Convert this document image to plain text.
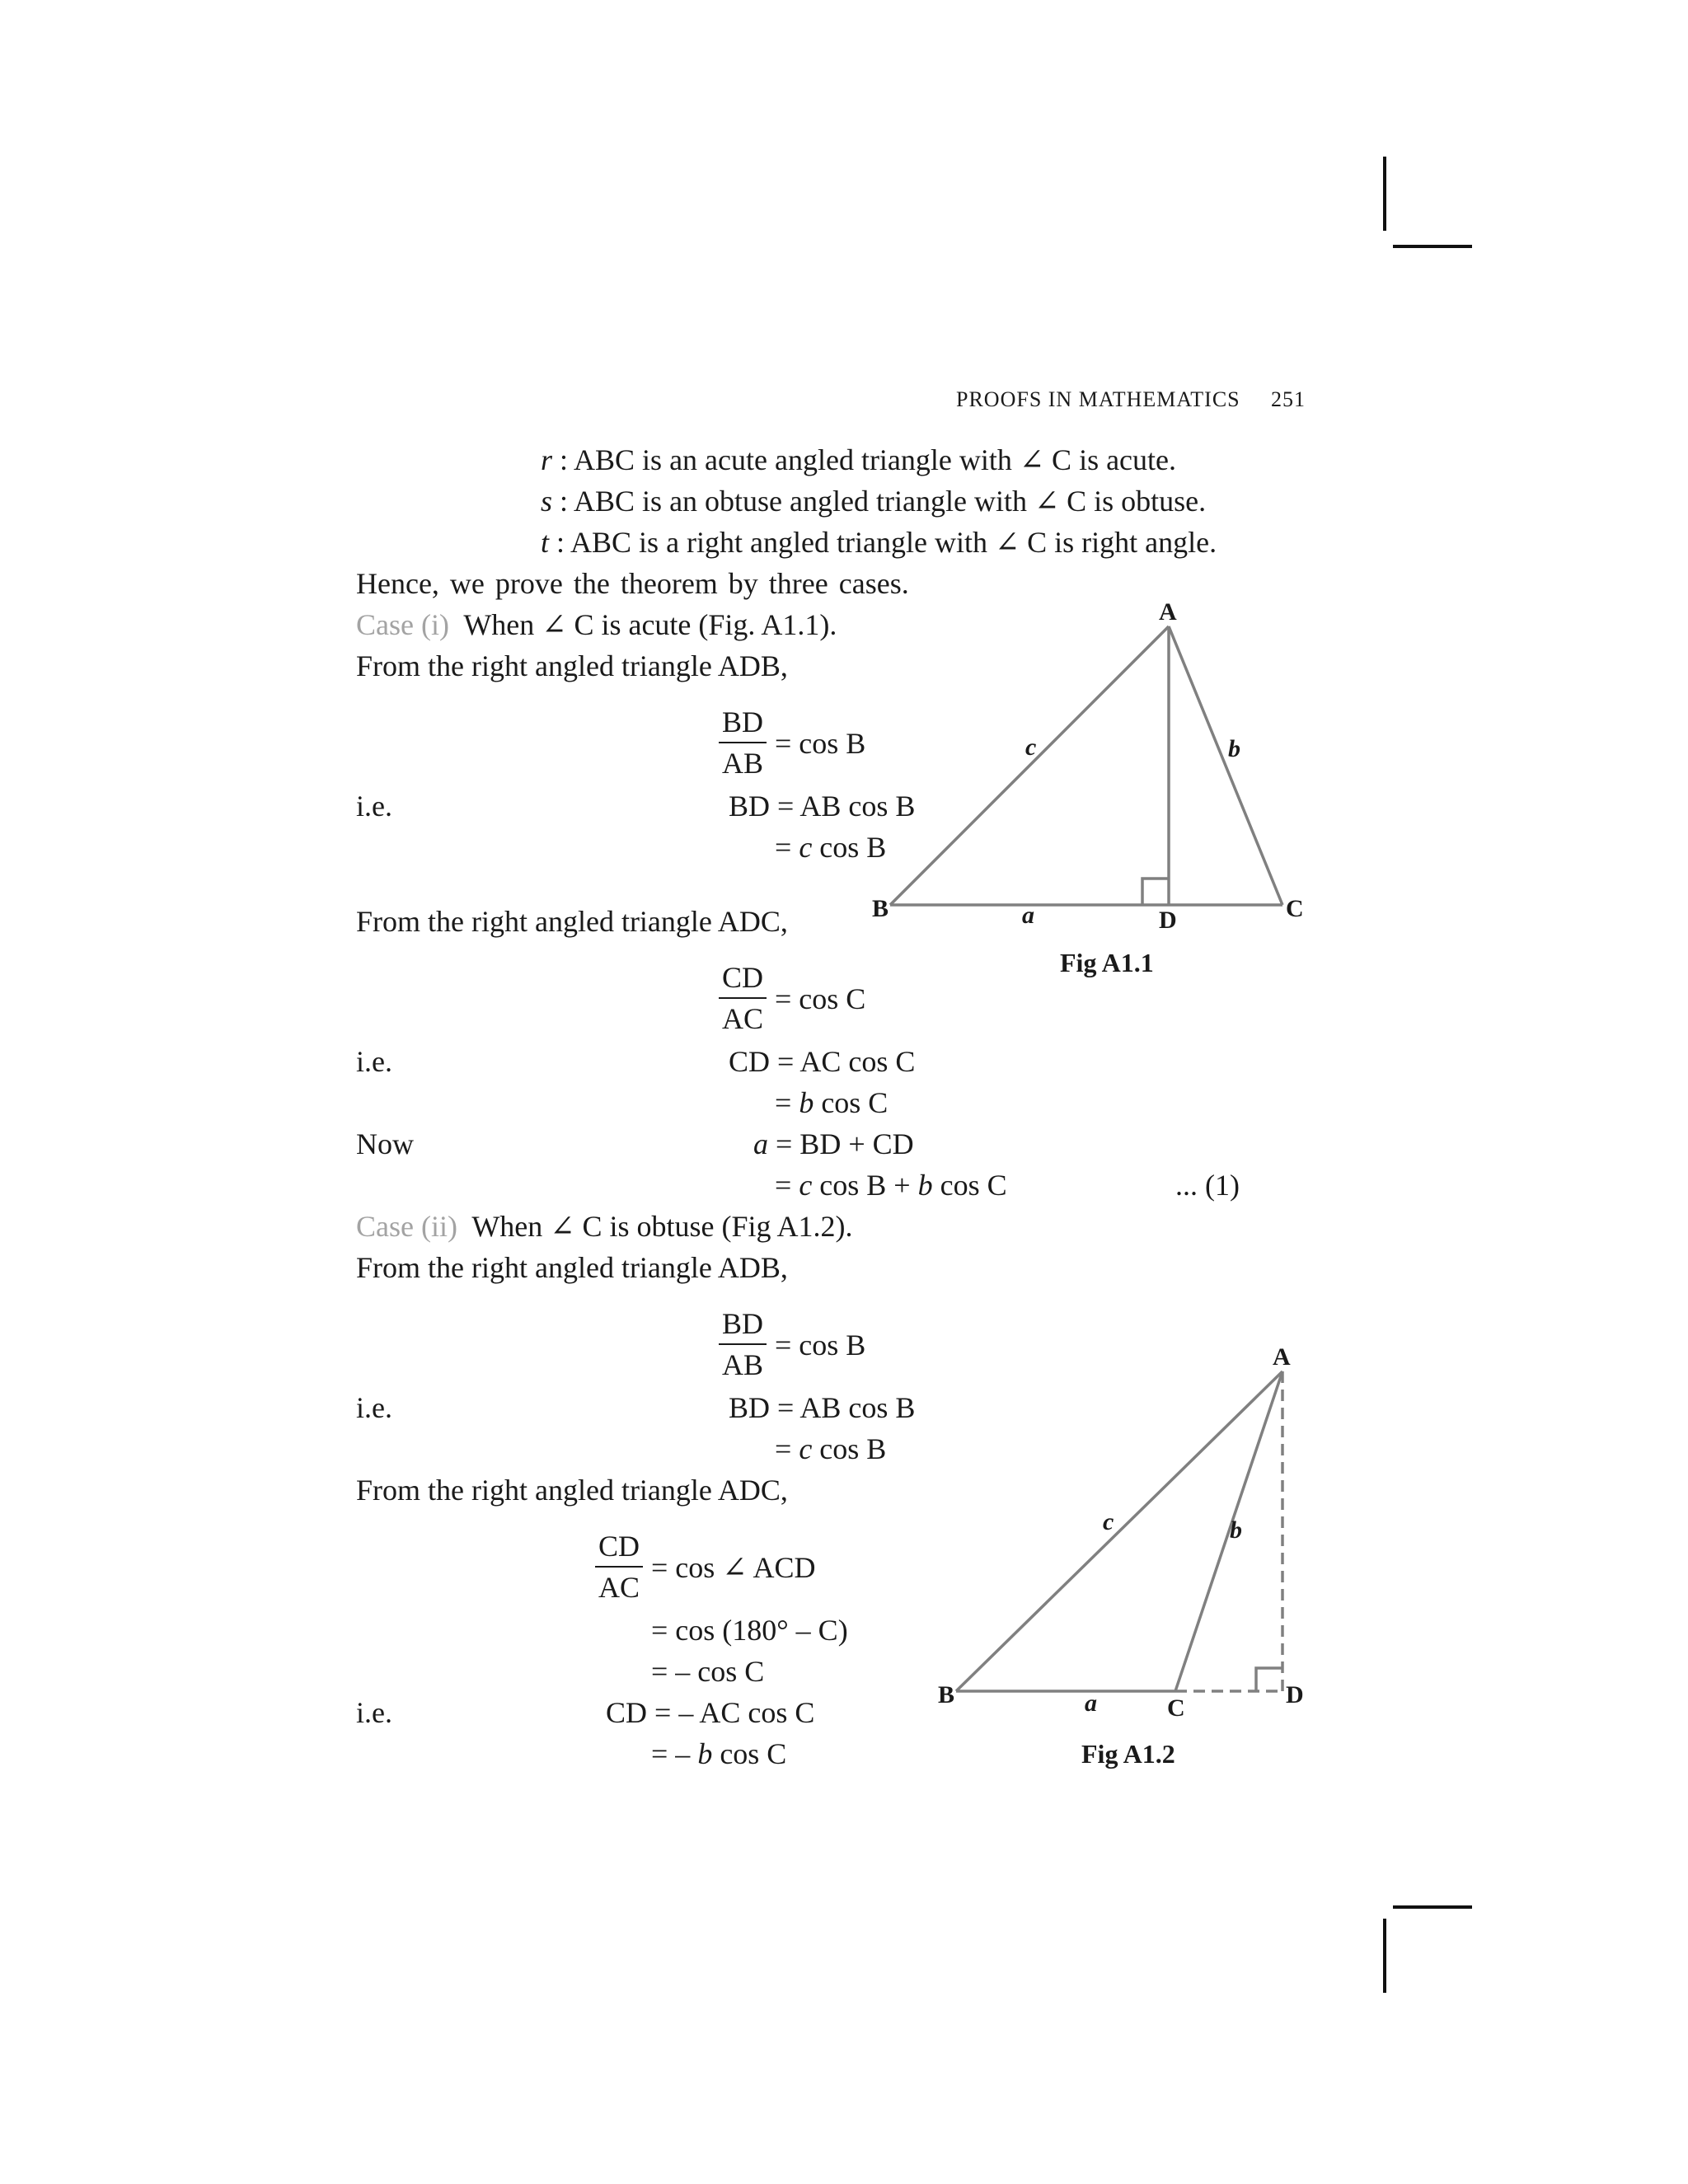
PROOFS IN MATHEMATICS 251
r : ABC is an acute angled triangle with ∠ C is acute.
s : ABC is an obtuse angled triangle with ∠ C is obtuse.
t : ABC is a right angled triangle with ∠ C is right angle.
Hence, we prove the theorem by three cases.
Case (i) When ∠ C is acute (Fig. A1.1).
From the right angled triangle ADB,
$\frac{BD}{AB} = \cos B$
i.e.	BD = AB cos B
= c cos B
From the right angled triangle ADC,
$\frac{CD}{AC} = \cos C$
i.e.	CD = AC cos C
= b cos C
Now	a = BD + CD
= c cos B + b cos C	... (1)
Case (ii) When ∠ C is obtuse (Fig A1.2).
From the right angled triangle ADB,
$\frac{BD}{AB} = \cos B$
i.e.	BD = AB cos B
= c cos B
From the right angled triangle ADC,
$\frac{CD}{AC} = \cos$ ∠ ACD
= cos (180° – C)
= – cos C
i.e.	CD = – AC cos C
= – b cos C
A
B	C
D
a
b
c
Fig A1.1
A
B	C	D
a
b
c
Fig A1.2
